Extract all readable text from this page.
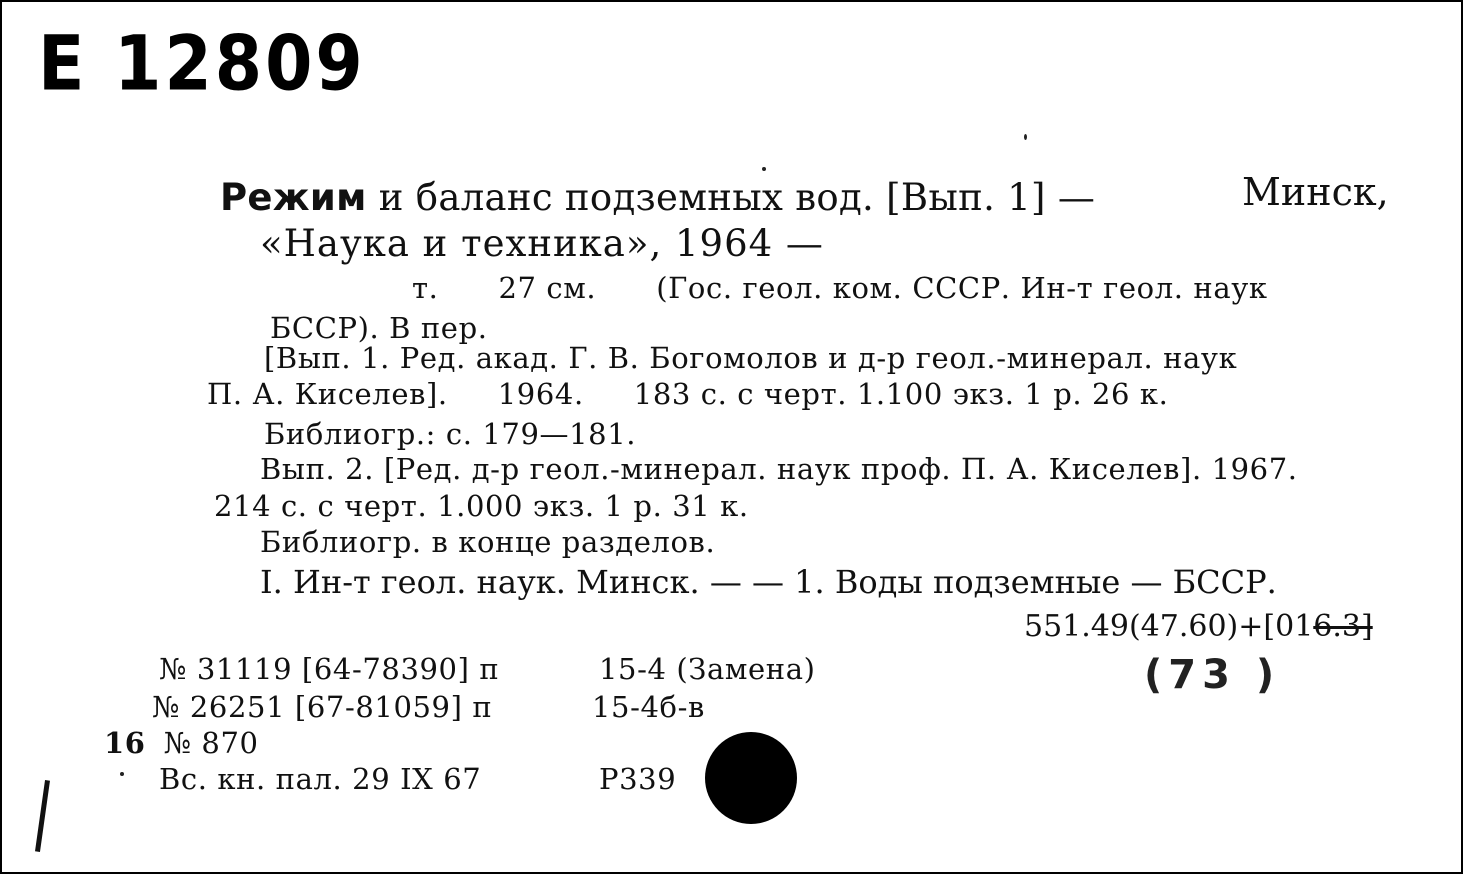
E 12809
Режим и баланс подземных вод. [Вып. 1] —	Минск,
«Наука и техника», 1964 —
т. 27 см. (Гос. геол. ком. СССР. Ин-т геол. наук
БССР). В пер.
[Вып. 1. Ред. акад. Г. В. Богомолов и д-р геол.-минерал. наук
П. А. Киселев]. 1964. 183 с. с черт. 1.100 экз. 1 р. 26 к.
Библиогр.: с. 179—181.
Вып. 2. [Ред. д-р геол.-минерал. наук проф. П. А. Киселев]. 1967.
214 с. с черт. 1.000 экз. 1 р. 31 к.
Библиогр. в конце разделов.
I. Ин-т геол. наук. Минск. — — 1. Воды подземные — БССР.
551.49(47.60)+[016.3]
(73 )
№ 31119 [64-78390] п	15-4 (Замена)
№ 26251 [67-81059] п	15-4б-в
16 № 870
Вс. кн. пал. 29 IX 67	Р339
